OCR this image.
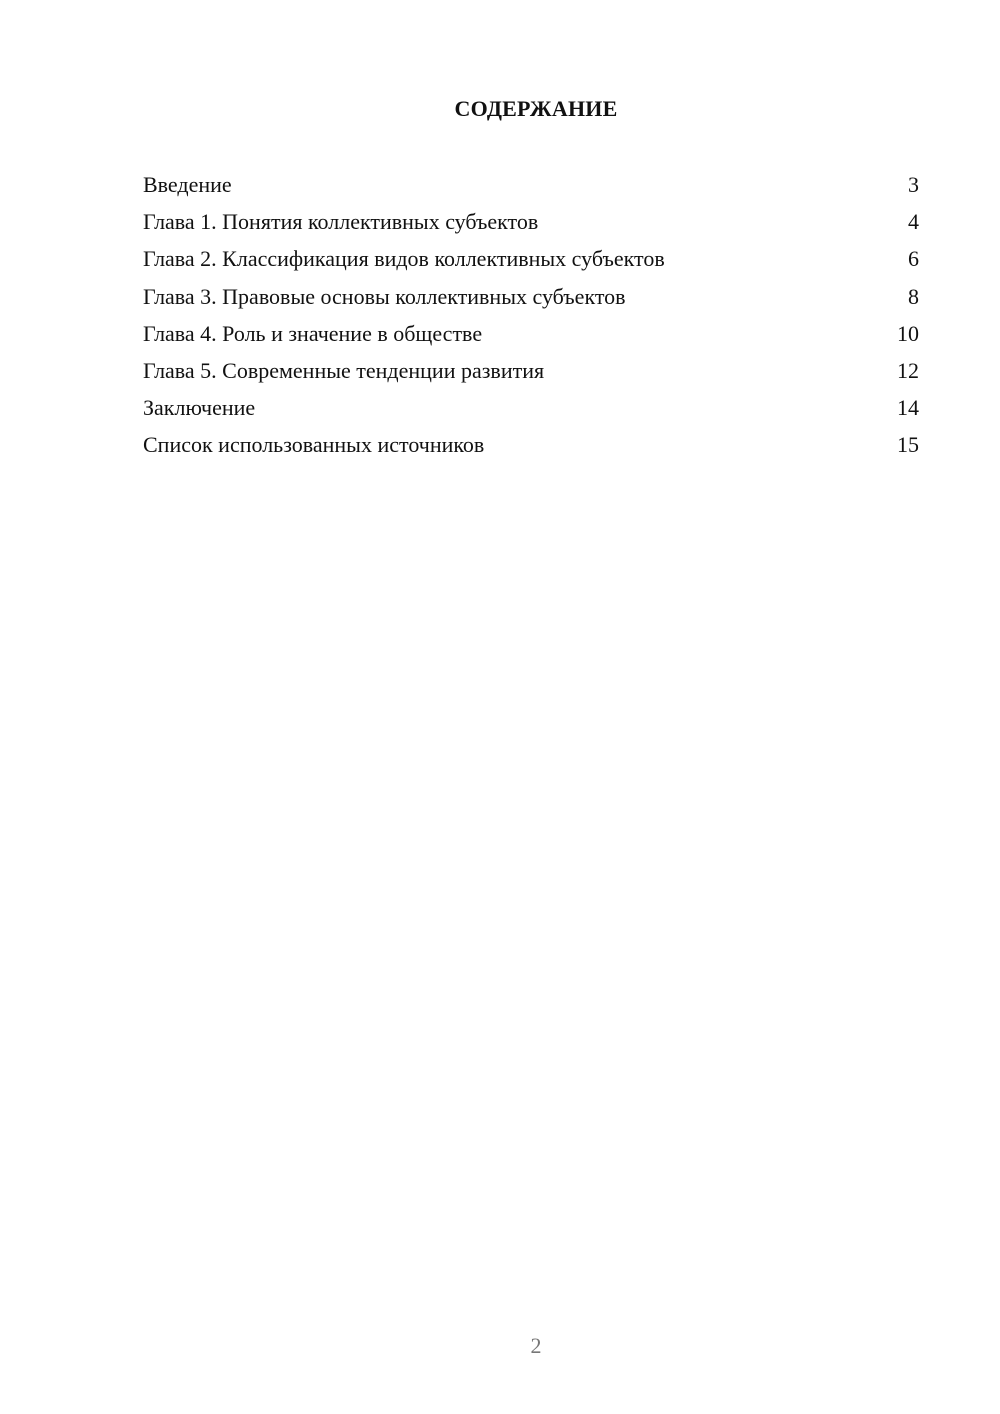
СОДЕРЖАНИЕ
Введение	3
Глава 1. Понятия коллективных субъектов	4
Глава 2. Классификация видов коллективных субъектов	6
Глава 3. Правовые основы коллективных субъектов	8
Глава 4. Роль и значение в обществе	10
Глава 5. Современные тенденции развития	12
Заключение	14
Список использованных источников	15
2
